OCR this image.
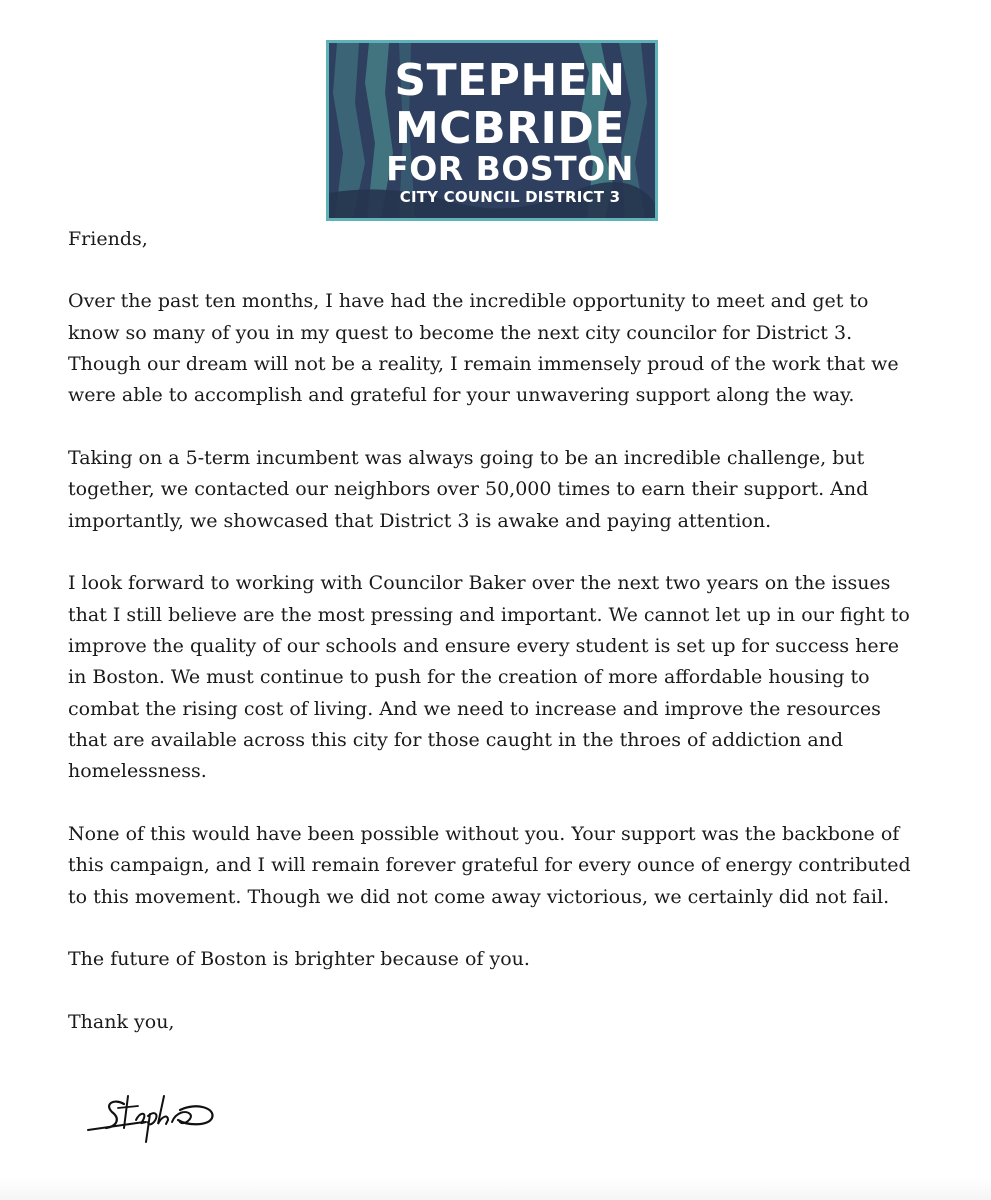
STEPHEN
MCBRIDE
FOR BOSTON
CITY COUNCIL DISTRICT 3

Friends,

Over the past ten months, I have had the incredible opportunity to meet and get to know so many of you in my quest to become the next city councilor for District 3. Though our dream will not be a reality, I remain immensely proud of the work that we were able to accomplish and grateful for your unwavering support along the way.

Taking on a 5-term incumbent was always going to be an incredible challenge, but together, we contacted our neighbors over 50,000 times to earn their support. And importantly, we showcased that District 3 is awake and paying attention.

I look forward to working with Councilor Baker over the next two years on the issues that I still believe are the most pressing and important. We cannot let up in our fight to improve the quality of our schools and ensure every student is set up for success here in Boston. We must continue to push for the creation of more affordable housing to combat the rising cost of living. And we need to increase and improve the resources that are available across this city for those caught in the throes of addiction and homelessness.

None of this would have been possible without you. Your support was the backbone of this campaign, and I will remain forever grateful for every ounce of energy contributed to this movement. Though we did not come away victorious, we certainly did not fail.

The future of Boston is brighter because of you.

Thank you,
